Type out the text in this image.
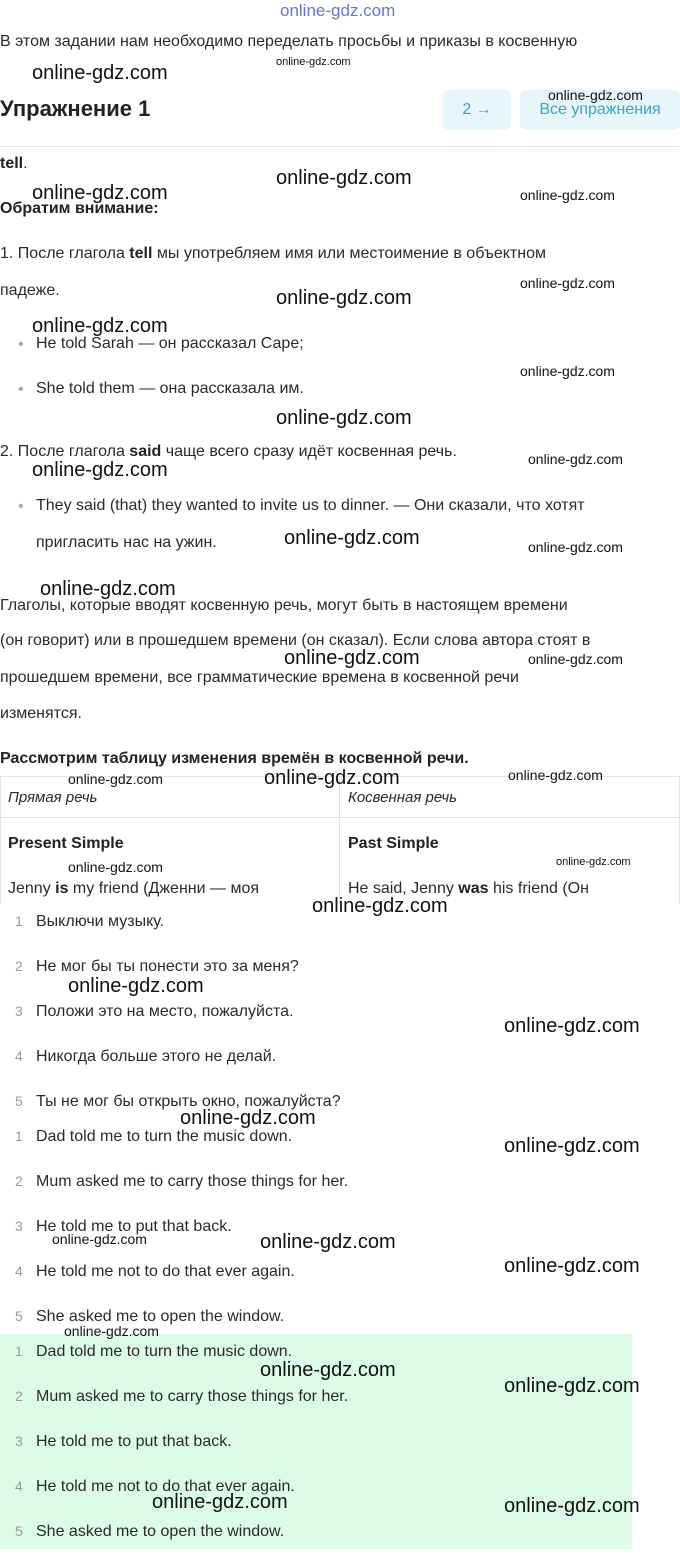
online-gdz.com
В этом задании нам необходимо переделать просьбы и приказы в косвенную
Упражнение 1	2 →	Все упражнения
tell.
Обратим внимание:
1. После глагола tell мы употребляем имя или местоимение в объектном
падеже.
• He told Sarah — он рассказал Саре;
• She told them — она рассказала им.
2. После глагола said чаще всего сразу идёт косвенная речь.
• They said (that) they wanted to invite us to dinner. — Они сказали, что хотят
пригласить нас на ужин.
Глаголы, которые вводят косвенную речь, могут быть в настоящем времени
(он говорит) или в прошедшем времени (он сказал). Если слова автора стоят в
прошедшем времени, все грамматические времена в косвенной речи
изменятся.
Рассмотрим таблицу изменения времён в косвенной речи.
Прямая речь	Косвенная речь
Present Simple	Past Simple
Jenny is my friend (Дженни — моя	He said, Jenny was his friend (Он
1 Выключи музыку.
2 Не мог бы ты понести это за меня?
3 Положи это на место, пожалуйста.
4 Никогда больше этого не делай.
5 Ты не мог бы открыть окно, пожалуйста?
1 Dad told me to turn the music down.
2 Mum asked me to carry those things for her.
3 He told me to put that back.
4 He told me not to do that ever again.
5 She asked me to open the window.
1 Dad told me to turn the music down.
2 Mum asked me to carry those things for her.
3 He told me to put that back.
4 He told me not to do that ever again.
5 She asked me to open the window.
online-gdz.com	online-gdz.com
online-gdz.com
online-gdz.com
online-gdz.com	online-gdz.com
online-gdz.com
online-gdz.com
online-gdz.com
online-gdz.com
online-gdz.com
online-gdz.com
online-gdz.com
online-gdz.com	online-gdz.com
online-gdz.com
online-gdz.com	online-gdz.com
online-gdz.com	online-gdz.com
online-gdz.com
online-gdz.com
online-gdz.com
online-gdz.com
online-gdz.com
online-gdz.com
online-gdz.com
online-gdz.com
online-gdz.com	online-gdz.com
online-gdz.com
online-gdz.com
online-gdz.com
online-gdz.com
online-gdz.com	online-gdz.com
